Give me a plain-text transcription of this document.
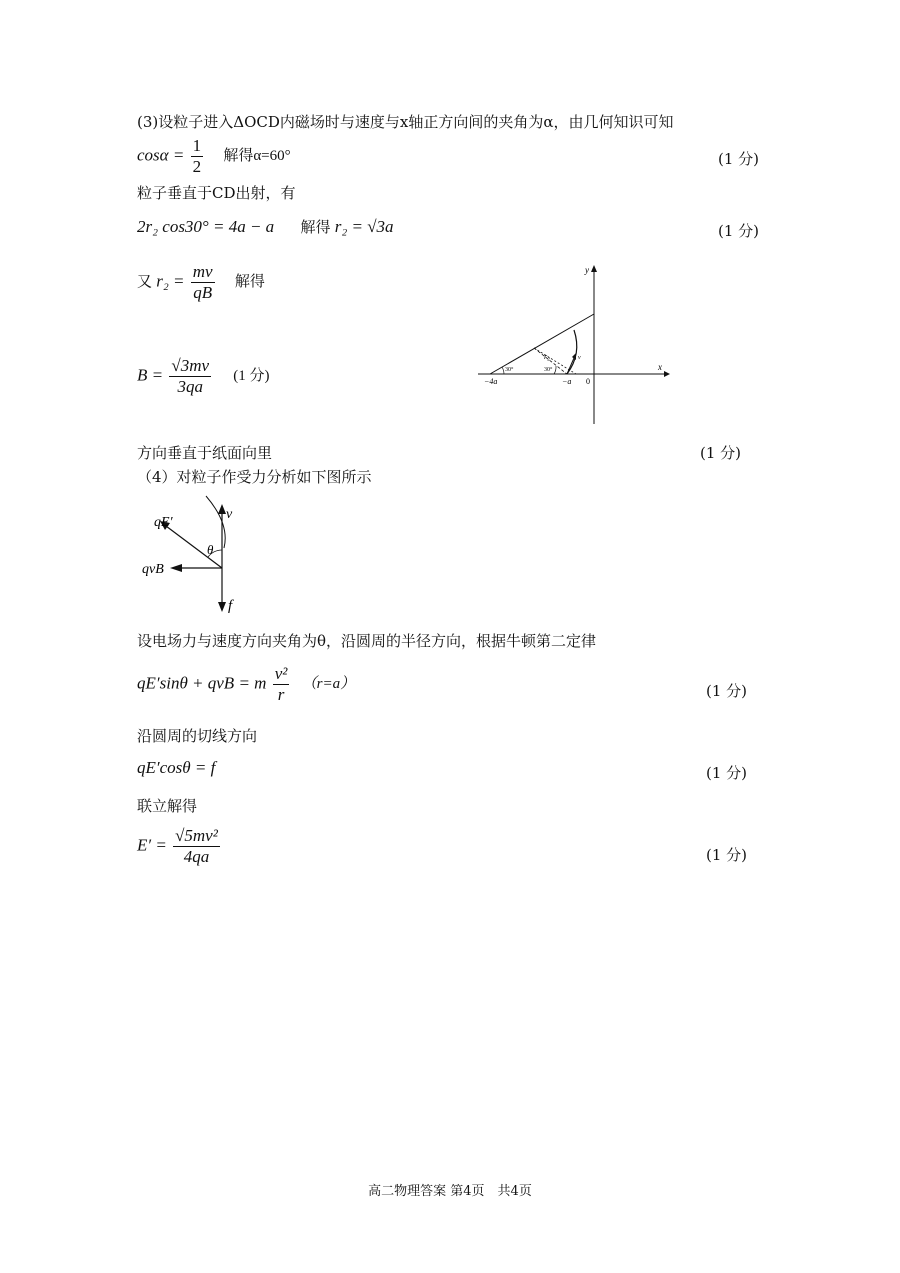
(3)设粒子进入ΔOCD内磁场时与速度与x轴正方向间的夹角为α，由几何知识可知
$\cos\alpha = \frac{1}{2}$ 解得α=60°	(1 分)
粒子垂直于CD出射，有
2r₂ cos30° = 4a − a 解得 r₂ = √3a	(1 分)
又 $r_2 = \frac{mv}{qB}$ 解得
$B = \frac{√3mv}{3qa} (1$ 分)
x
y
30°	30°
r₂	v
−4a	−a 0
方向垂直于纸面向里	(1 分)
（4）对粒子作受力分析如下图所示
qE′
v
θ
qvB
f
设电场力与速度方向夹角为θ，沿圆周的半径方向，根据牛顿第二定律
qE′sinθ + qvB = m $\frac{\text{v²}}{r} (r=a)$	(1 分)
沿圆周的切线方向
qE′cosθ = f	(1 分)
联立解得
$E' = \frac{\text{√5mv²}}{4qa}$	(1 分)
高二物理答案 第4页　共4页
